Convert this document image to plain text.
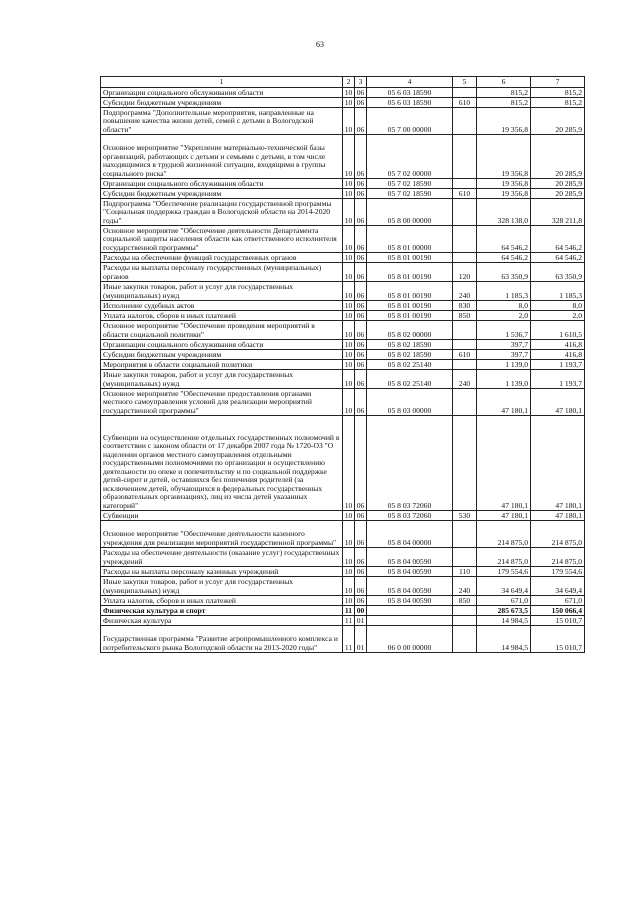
63
1	2	3	4	5	6	7
Организации социального обслуживания области	10	06	05 6 03 18590		815,2	815,2
Субсидии бюджетным учреждениям	10	06	05 6 03 18590	610	815,2	815,2
Подпрограмма "Дополнительные мероприятия, направленные на повышение качества жизни детей, семей с детьми в Вологодской области"	10	06	05 7 00 00000		19 356,8	20 285,9
Основное мероприятие "Укрепление материально-технической базы организаций, работающих с детьми и семьями с детьми, в том числе находящимися в трудной жизненной ситуации, входящими в группы социального риска"	10	06	05 7 02 00000		19 356,8	20 285,9
Организации социального обслуживания области	10	06	05 7 02 18590		19 356,8	20 285,9
Субсидии бюджетным учреждениям	10	06	05 7 02 18590	610	19 356,8	20 285,9
Подпрограмма "Обеспечение реализации государственной программы "Социальная поддержка граждан в Вологодской области на 2014-2020 годы"	10	06	05 8 00 00000		328 138,0	328 211,8
Основное мероприятие "Обеспечение деятельности Департамента социальной защиты населения области как ответственного исполнителя государственной программы"	10	06	05 8 01 00000		64 546,2	64 546,2
Расходы на обеспечение функций государственных органов	10	06	05 8 01 00190		64 546,2	64 546,2
Расходы на выплаты персоналу государственных (муниципальных) органов	10	06	05 8 01 00190	120	63 350,9	63 350,9
Иные закупки товаров, работ и услуг для государственных (муниципальных) нужд	10	06	05 8 01 00190	240	1 185,3	1 185,3
Исполнение судебных актов	10	06	05 8 01 00190	830	8,0	8,0
Уплата налогов, сборов и иных платежей	10	06	05 8 01 00190	850	2,0	2,0
Основное мероприятие "Обеспечение проведения мероприятий в области социальной политики"	10	06	05 8 02 00000		1 536,7	1 610,5
Организации социального обслуживания области	10	06	05 8 02 18590		397,7	416,8
Субсидии бюджетным учреждениям	10	06	05 8 02 18590	610	397,7	416,8
Мероприятия в области социальной политики	10	06	05 8 02 25140		1 139,0	1 193,7
Иные закупки товаров, работ и услуг для государственных (муниципальных) нужд	10	06	05 8 02 25140	240	1 139,0	1 193,7
Основное мероприятие "Обеспечение предоставления органами местного самоуправления условий для реализации мероприятий государственной программы"	10	06	05 8 03 00000		47 180,1	47 180,1
Субвенции на осуществление отдельных государственных полномочий в соответствии с законом области от 17 декабря 2007 года № 1720-ОЗ "О наделении органов местного самоуправления отдельными государственными полномочиями по организации и осуществлению деятельности по опеке и попечительству и по социальной поддержке детей-сирот и детей, оставшихся без попечения родителей (за исключением детей, обучающихся в федеральных государственных образовательных организациях), лиц из числа детей указанных категорий"	10	06	05 8 03 72060		47 180,1	47 180,1
Субвенции	10	06	05 8 03 72060	530	47 180,1	47 180,1
Основное мероприятие "Обеспечение деятельности казенного учреждения для реализации мероприятий государственной программы"	10	06	05 8 04 00000		214 875,0	214 875,0
Расходы на обеспечение деятельности (оказание услуг) государственных учреждений	10	06	05 8 04 00590		214 875,0	214 875,0
Расходы на выплаты персоналу казенных учреждений	10	06	05 8 04 00590	110	179 554,6	179 554,6
Иные закупки товаров, работ и услуг для государственных (муниципальных) нужд	10	06	05 8 04 00590	240	34 649,4	34 649,4
Уплата налогов, сборов и иных платежей	10	06	05 8 04 00590	850	671,0	671,0
Физическая культура и спорт	11	00			285 673,5	150 066,4
Физическая культура	11	01			14 984,5	15 010,7
Государственная программа "Развитие агропромышленного комплекса и потребительского рынка Вологодской области на 2013-2020 годы"	11	01	06 0 00 00000		14 984,5	15 010,7
